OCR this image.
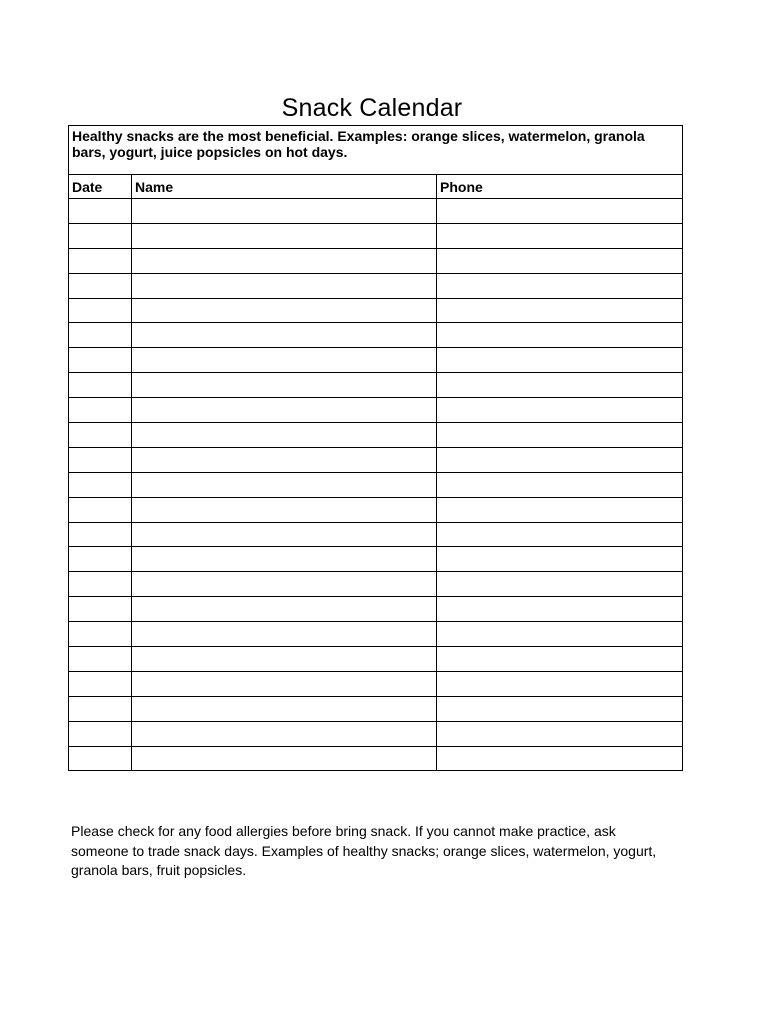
Snack Calendar
Healthy snacks are the most beneficial. Examples: orange slices, watermelon, granola bars, yogurt, juice popsicles on hot days.		
Date	Name	Phone

Please check for any food allergies before bring snack. If you cannot make practice, ask someone to trade snack days. Examples of healthy snacks; orange slices, watermelon, yogurt, granola bars, fruit popsicles.
